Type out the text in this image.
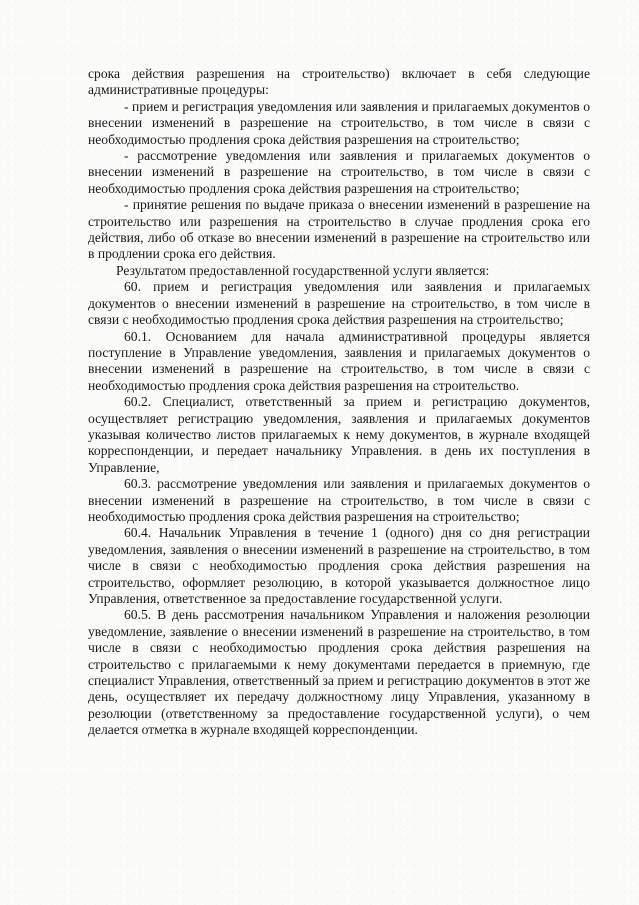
срока действия разрешения на строительство) включает в себя следующие административные процедуры:

- прием и регистрация уведомления или заявления и прилагаемых документов о внесении изменений в разрешение на строительство, в том числе в связи с необходимостью продления срока действия разрешения на строительство;

- рассмотрение уведомления или заявления и прилагаемых документов о внесении изменений в разрешение на строительство, в том числе в связи с необходимостью продления срока действия разрешения на строительство;

- принятие решения по выдаче приказа о внесении изменений в разрешение на строительство или разрешения на строительство в случае продления срока его действия, либо об отказе во внесении изменений в разрешение на строительство или в продлении срока его действия.

Результатом предоставленной государственной услуги является:

60. прием и регистрация уведомления или заявления и прилагаемых документов о внесении изменений в разрешение на строительство, в том числе в связи с необходимостью продления срока действия разрешения на строительство;

60.1. Основанием для начала административной процедуры является поступление в Управление уведомления, заявления и прилагаемых документов о внесении изменений в разрешение на строительство, в том числе в связи с необходимостью продления срока действия разрешения на строительство.

60.2. Специалист, ответственный за прием и регистрацию документов, осуществляет регистрацию уведомления, заявления и прилагаемых документов указывая количество листов прилагаемых к нему документов, в журнале входящей корреспонденции, и передает начальнику Управления. в день их поступления в Управление,

60.3. рассмотрение уведомления или заявления и прилагаемых документов о внесении изменений в разрешение на строительство, в том числе в связи с необходимостью продления срока действия разрешения на строительство;

60.4. Начальник Управления в течение 1 (одного) дня со дня регистрации уведомления, заявления о внесении изменений в разрешение на строительство, в том числе в связи с необходимостью продления срока действия разрешения на строительство, оформляет резолюцию, в которой указывается должностное лицо Управления, ответственное за предоставление государственной услуги.

60.5. В день рассмотрения начальником Управления и наложения резолюции уведомление, заявление о внесении изменений в разрешение на строительство, в том числе в связи с необходимостью продления срока действия разрешения на строительство с прилагаемыми к нему документами передается в приемную, где специалист Управления, ответственный за прием и регистрацию документов в этот же день, осуществляет их передачу должностному лицу Управления, указанному в резолюции (ответственному за предоставление государственной услуги), о чем делается отметка в журнале входящей корреспонденции.
